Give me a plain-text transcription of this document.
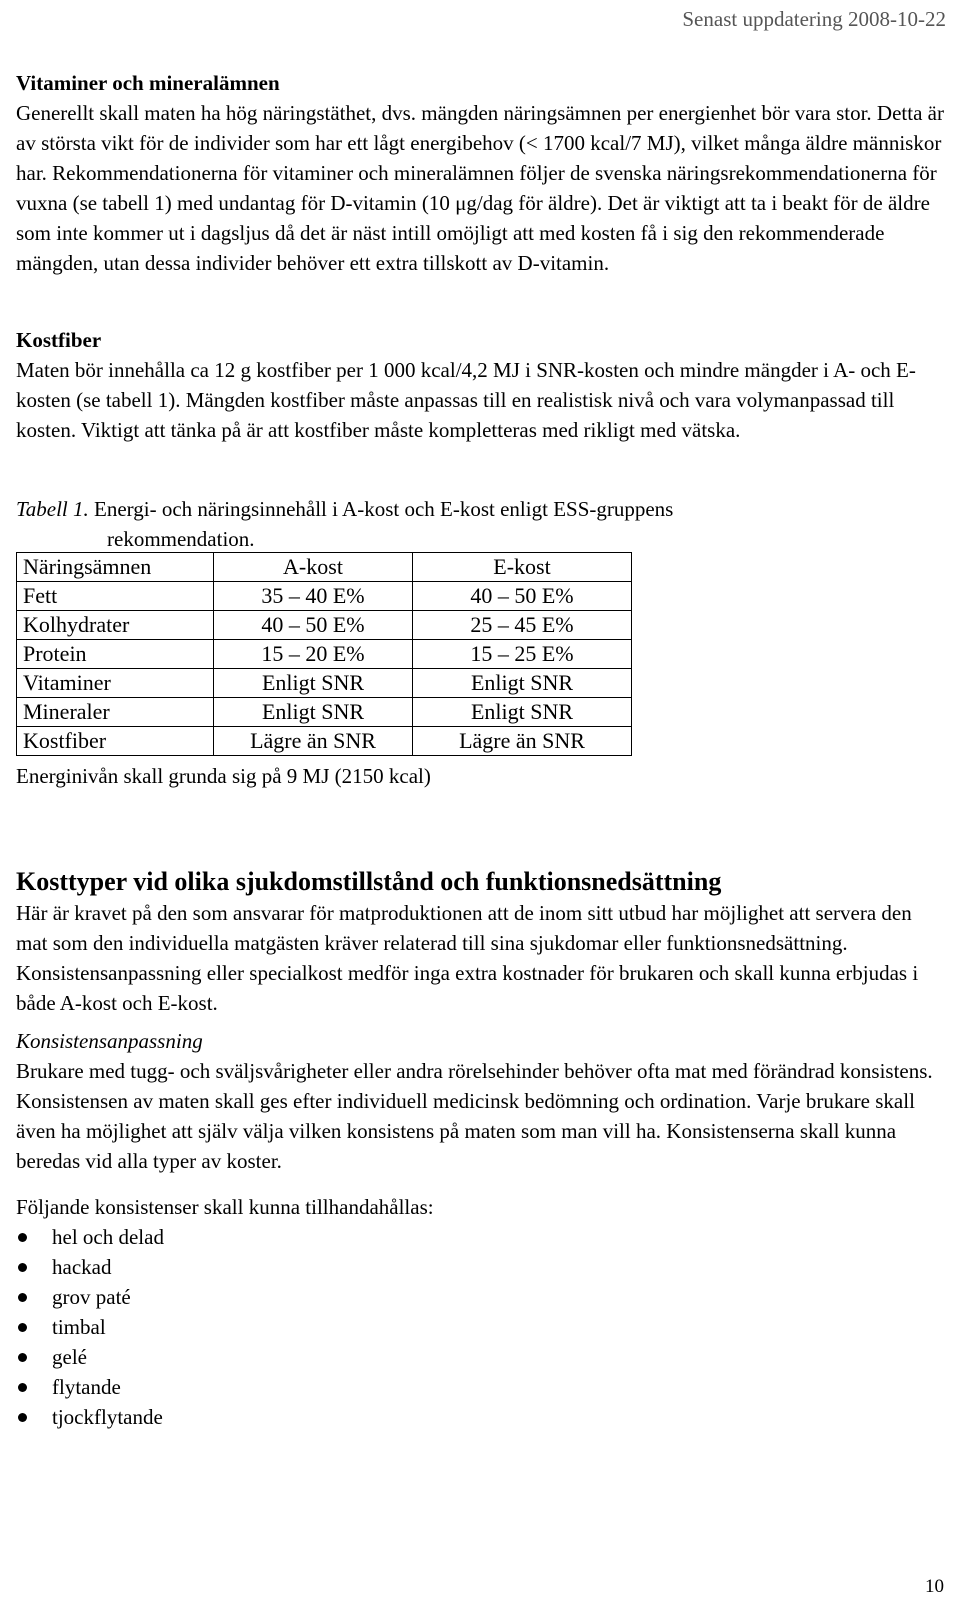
Senast uppdatering 2008-10-22
Vitaminer och mineralämnen

Generellt skall maten ha hög näringstäthet, dvs. mängden näringsämnen per energienhet bör vara stor. Detta är av största vikt för de individer som har ett lågt energibehov (< 1700 kcal/7 MJ), vilket många äldre människor har. Rekommendationerna för vitaminer och mineralämnen följer de svenska näringsrekommendationerna för vuxna (se tabell 1) med undantag för D-vitamin (10 μg/dag för äldre). Det är viktigt att ta i beakt för de äldre som inte kommer ut i dagsljus då det är näst intill omöjligt att med kosten få i sig den rekommenderade mängden, utan dessa individer behöver ett extra tillskott av D-vitamin.

Kostfiber

Maten bör innehålla ca 12 g kostfiber per 1 000 kcal/4,2 MJ i SNR-kosten och mindre mängder i A- och E-kosten (se tabell 1). Mängden kostfiber måste anpassas till en realistisk nivå och vara volymanpassad till kosten. Viktigt att tänka på är att kostfiber måste kompletteras med rikligt med vätska.

Tabell 1. Energi- och näringsinnehåll i A-kost och E-kost enligt ESS-gruppens
rekommendation.
Näringsämnen	A-kost	E-kost
Fett	35 – 40 E%	40 – 50 E%
Kolhydrater	40 – 50 E%	25 – 45 E%
Protein	15 – 20 E%	15 – 25 E%
Vitaminer	Enligt SNR	Enligt SNR
Mineraler	Enligt SNR	Enligt SNR
Kostfiber	Lägre än SNR	Lägre än SNR
Energinivån skall grunda sig på 9 MJ (2150 kcal)
Kosttyper vid olika sjukdomstillstånd och funktionsnedsättning

Här är kravet på den som ansvarar för matproduktionen att de inom sitt utbud har möjlighet att servera den mat som den individuella matgästen kräver relaterad till sina sjukdomar eller funktionsnedsättning. Konsistensanpassning eller specialkost medför inga extra kostnader för brukaren och skall kunna erbjudas i både A-kost och E-kost.

Konsistensanpassning

Brukare med tugg- och sväljsvårigheter eller andra rörelsehinder behöver ofta mat med förändrad konsistens. Konsistensen av maten skall ges efter individuell medicinsk bedömning och ordination. Varje brukare skall även ha möjlighet att själv välja vilken konsistens på maten som man vill ha. Konsistenserna skall kunna beredas vid alla typer av koster.

Följande konsistenser skall kunna tillhandahållas:
hel och delad
hackad
grov paté
timbal
gelé
flytande
tjockflytande
10
